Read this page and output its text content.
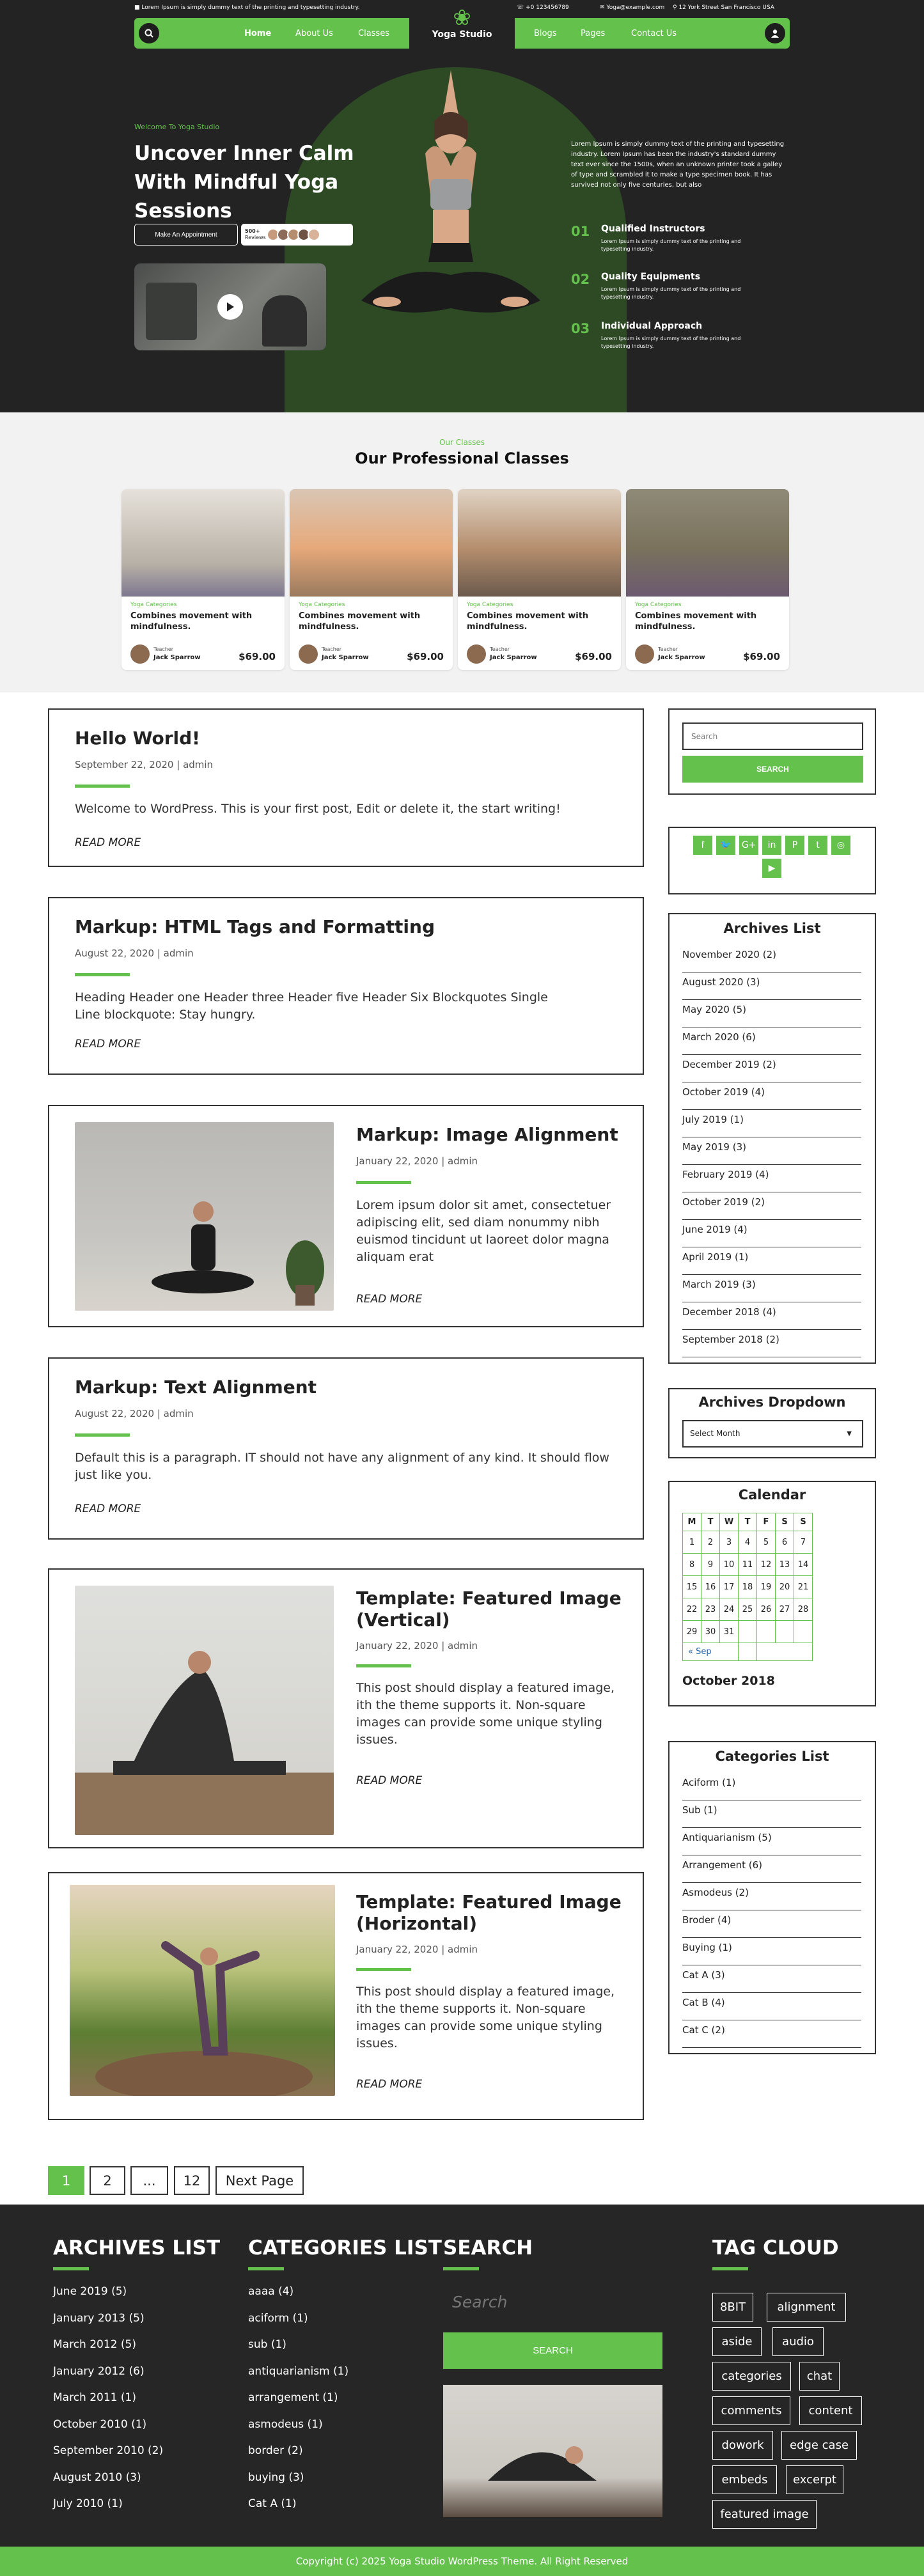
■ Lorem Ipsum is simply dummy text of the printing and typesetting industry.	☏ +0 123456789	✉ Yoga@example.com ⚲ 12 York Street San Francisco USA
Home	About Us	Classes	Blogs	Pages	Contact Us
❀
Yoga Studio
Welcome To Yoga Studio
Uncover Inner Calm With Mindful Yoga Sessions
Make An Appointment	500+
Reviews

Lorem Ipsum is simply dummy text of the printing and typesetting industry. Lorem Ipsum has been the industry's standard dummy text ever since the 1500s, when an unknown printer took a galley of type and scrambled it to make a type specimen book. It has survived not only five centuries, but also

01 Qualified Instructors
Lorem Ipsum is simply dummy text of the printing and typesetting industry.
02 Quality Equipments
Lorem Ipsum is simply dummy text of the printing and typesetting industry.
03 Individual Approach
Lorem Ipsum is simply dummy text of the printing and typesetting industry.
Our Classes
Our Professional Classes
Yoga Categories
Combines movement with mindfulness.
Teacher
Jack Sparrow	$69.00
Yoga Categories
Combines movement with mindfulness.
Teacher
Jack Sparrow	$69.00
Yoga Categories
Combines movement with mindfulness.
Teacher
Jack Sparrow	$69.00
Yoga Categories
Combines movement with mindfulness.
Teacher
Jack Sparrow	$69.00
Hello World!
September 22, 2020 | admin

Welcome to WordPress. This is your first post, Edit or delete it, the start writing!

READ MORE
Markup: HTML Tags and Formatting
August 22, 2020 | admin

Heading Header one Header three Header five Header Six Blockquotes Single Line blockquote: Stay hungry.

READ MORE
Markup: Image Alignment
January 22, 2020 | admin

Lorem ipsum dolor sit amet, consectetuer adipiscing elit, sed diam nonummy nibh euismod tincidunt ut laoreet dolor magna aliquam erat

READ MORE
Markup: Text Alignment
August 22, 2020 | admin

Default this is a paragraph. IT should not have any alignment of any kind. It should flow just like you.

READ MORE
Template: Featured Image (Vertical)
January 22, 2020 | admin

This post should display a featured image, ith the theme supports it. Non-square images can provide some unique styling issues.

READ MORE
Template: Featured Image (Horizontal)
January 22, 2020 | admin

This post should display a featured image, ith the theme supports it. Non-square images can provide some unique styling issues.

READ MORE
1	2	...	12	Next Page
Search
SEARCH
f	🐦	G+	in	P	t	◎
▶
Archives List
November 2020 (2)
August 2020 (3)
May 2020 (5)
March 2020 (6)
December 2019 (2)
October 2019 (4)
July 2019 (1)
May 2019 (3)
February 2019 (4)
October 2019 (2)
June 2019 (4)
April 2019 (1)
March 2019 (3)
December 2018 (4)
September 2018 (2)
Archives Dropdown
Select Month	▼
Calendar
M	T	W	T	F	S	S
1	2	3	4	5	6	7
8	9	10	11	12	13	14
15	16	17	18	19	20	21
22	23	24	25	26	27	28
29	30	31				
« Sep						
October 2018
Categories List
Aciform (1)
Sub (1)
Antiquarianism (5)
Arrangement (6)
Asmodeus (2)
Broder (4)
Buying (1)
Cat A (3)
Cat B (4)
Cat C (2)
ARCHIVES LIST
June 2019 (5)
January 2013 (5)
March 2012 (5)
January 2012 (6)
March 2011 (1)
October 2010 (1)
September 2010 (2)
August 2010 (3)
July 2010 (1)
CATEGORIES LIST
aaaa (4)
aciform (1)
sub (1)
antiquarianism (1)
arrangement (1)
asmodeus (1)
border (2)
buying (3)
Cat A (1)
SEARCH
Search
SEARCH
TAG CLOUD
8BIT	alignment
aside	audio
categories	chat
comments	content
dowork	edge case
embeds	excerpt
featured image
Copyright (c) 2025 Yoga Studio WordPress Theme. All Right Reserved
